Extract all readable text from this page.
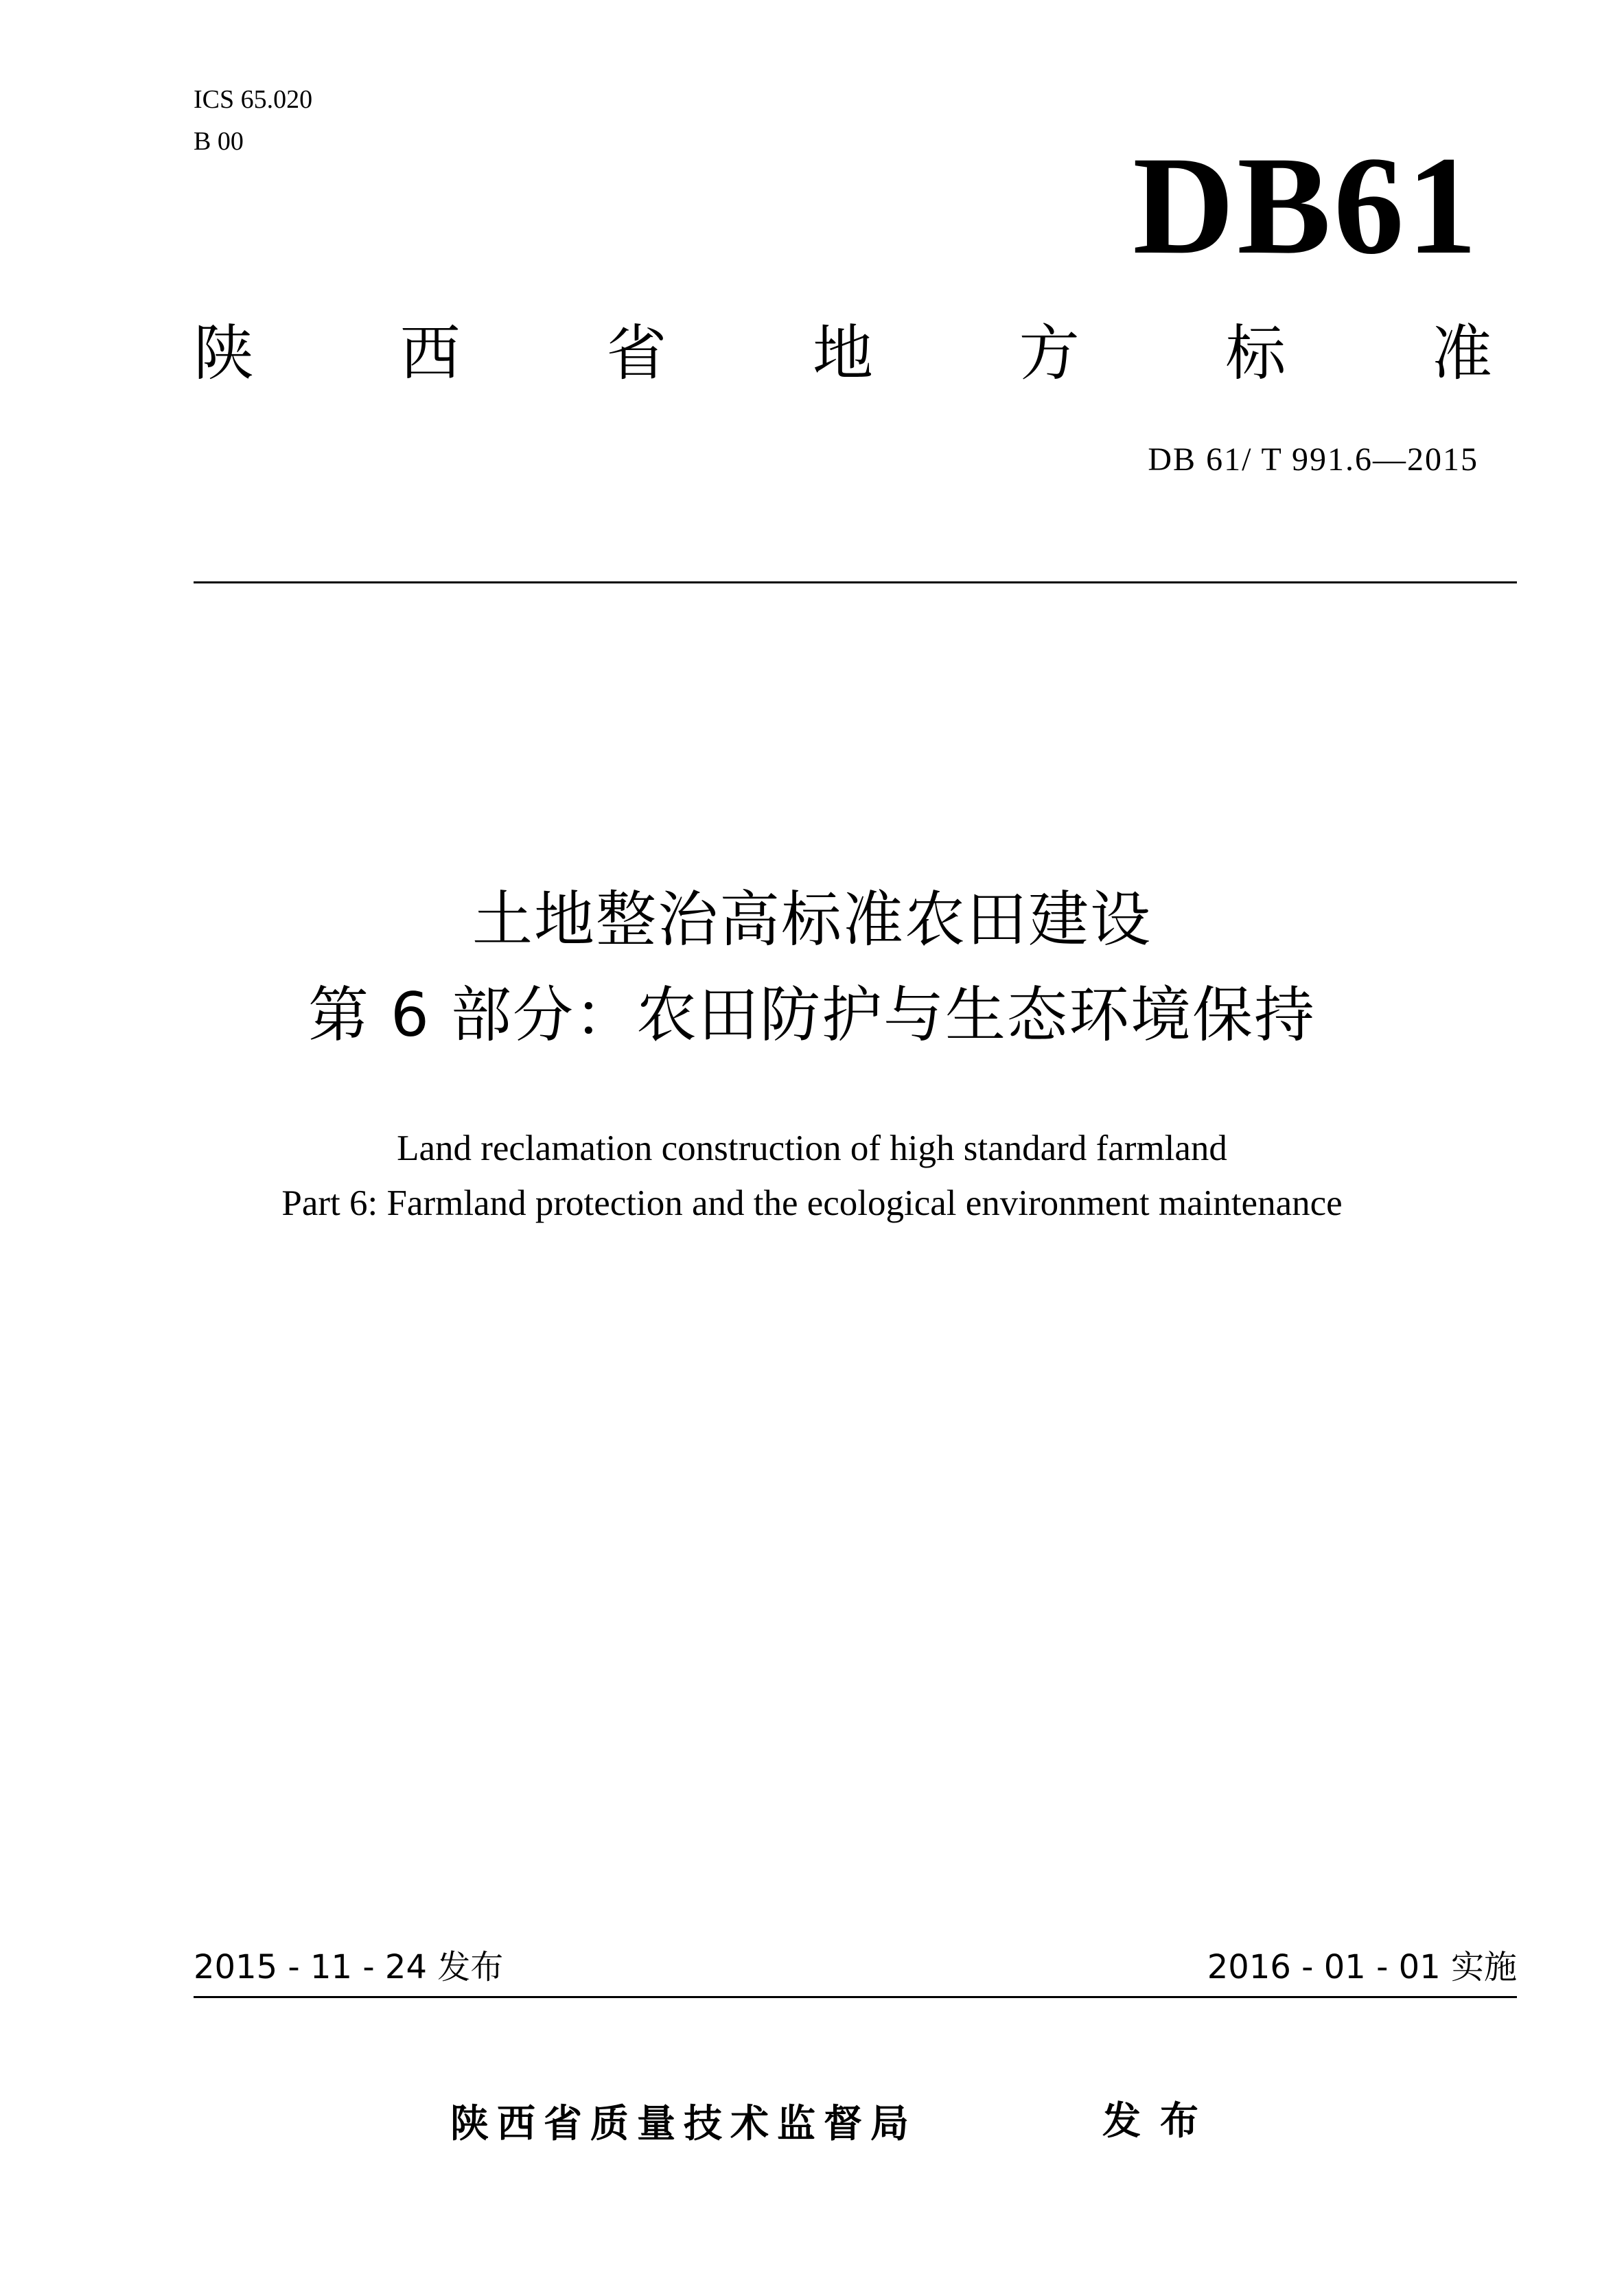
ICS 65.020
B 00	DB61
陕 西 省 地 方 标 准
DB 61/ T 991.6—2015
土地整治高标准农田建设
第 6 部分：农田防护与生态环境保持
Land reclamation construction of high standard farmland
Part 6: Farmland protection and the ecological environment maintenance
2015 - 11 - 24 发布	2016 - 01 - 01 实施
陕西省质量技术监督局	发布
